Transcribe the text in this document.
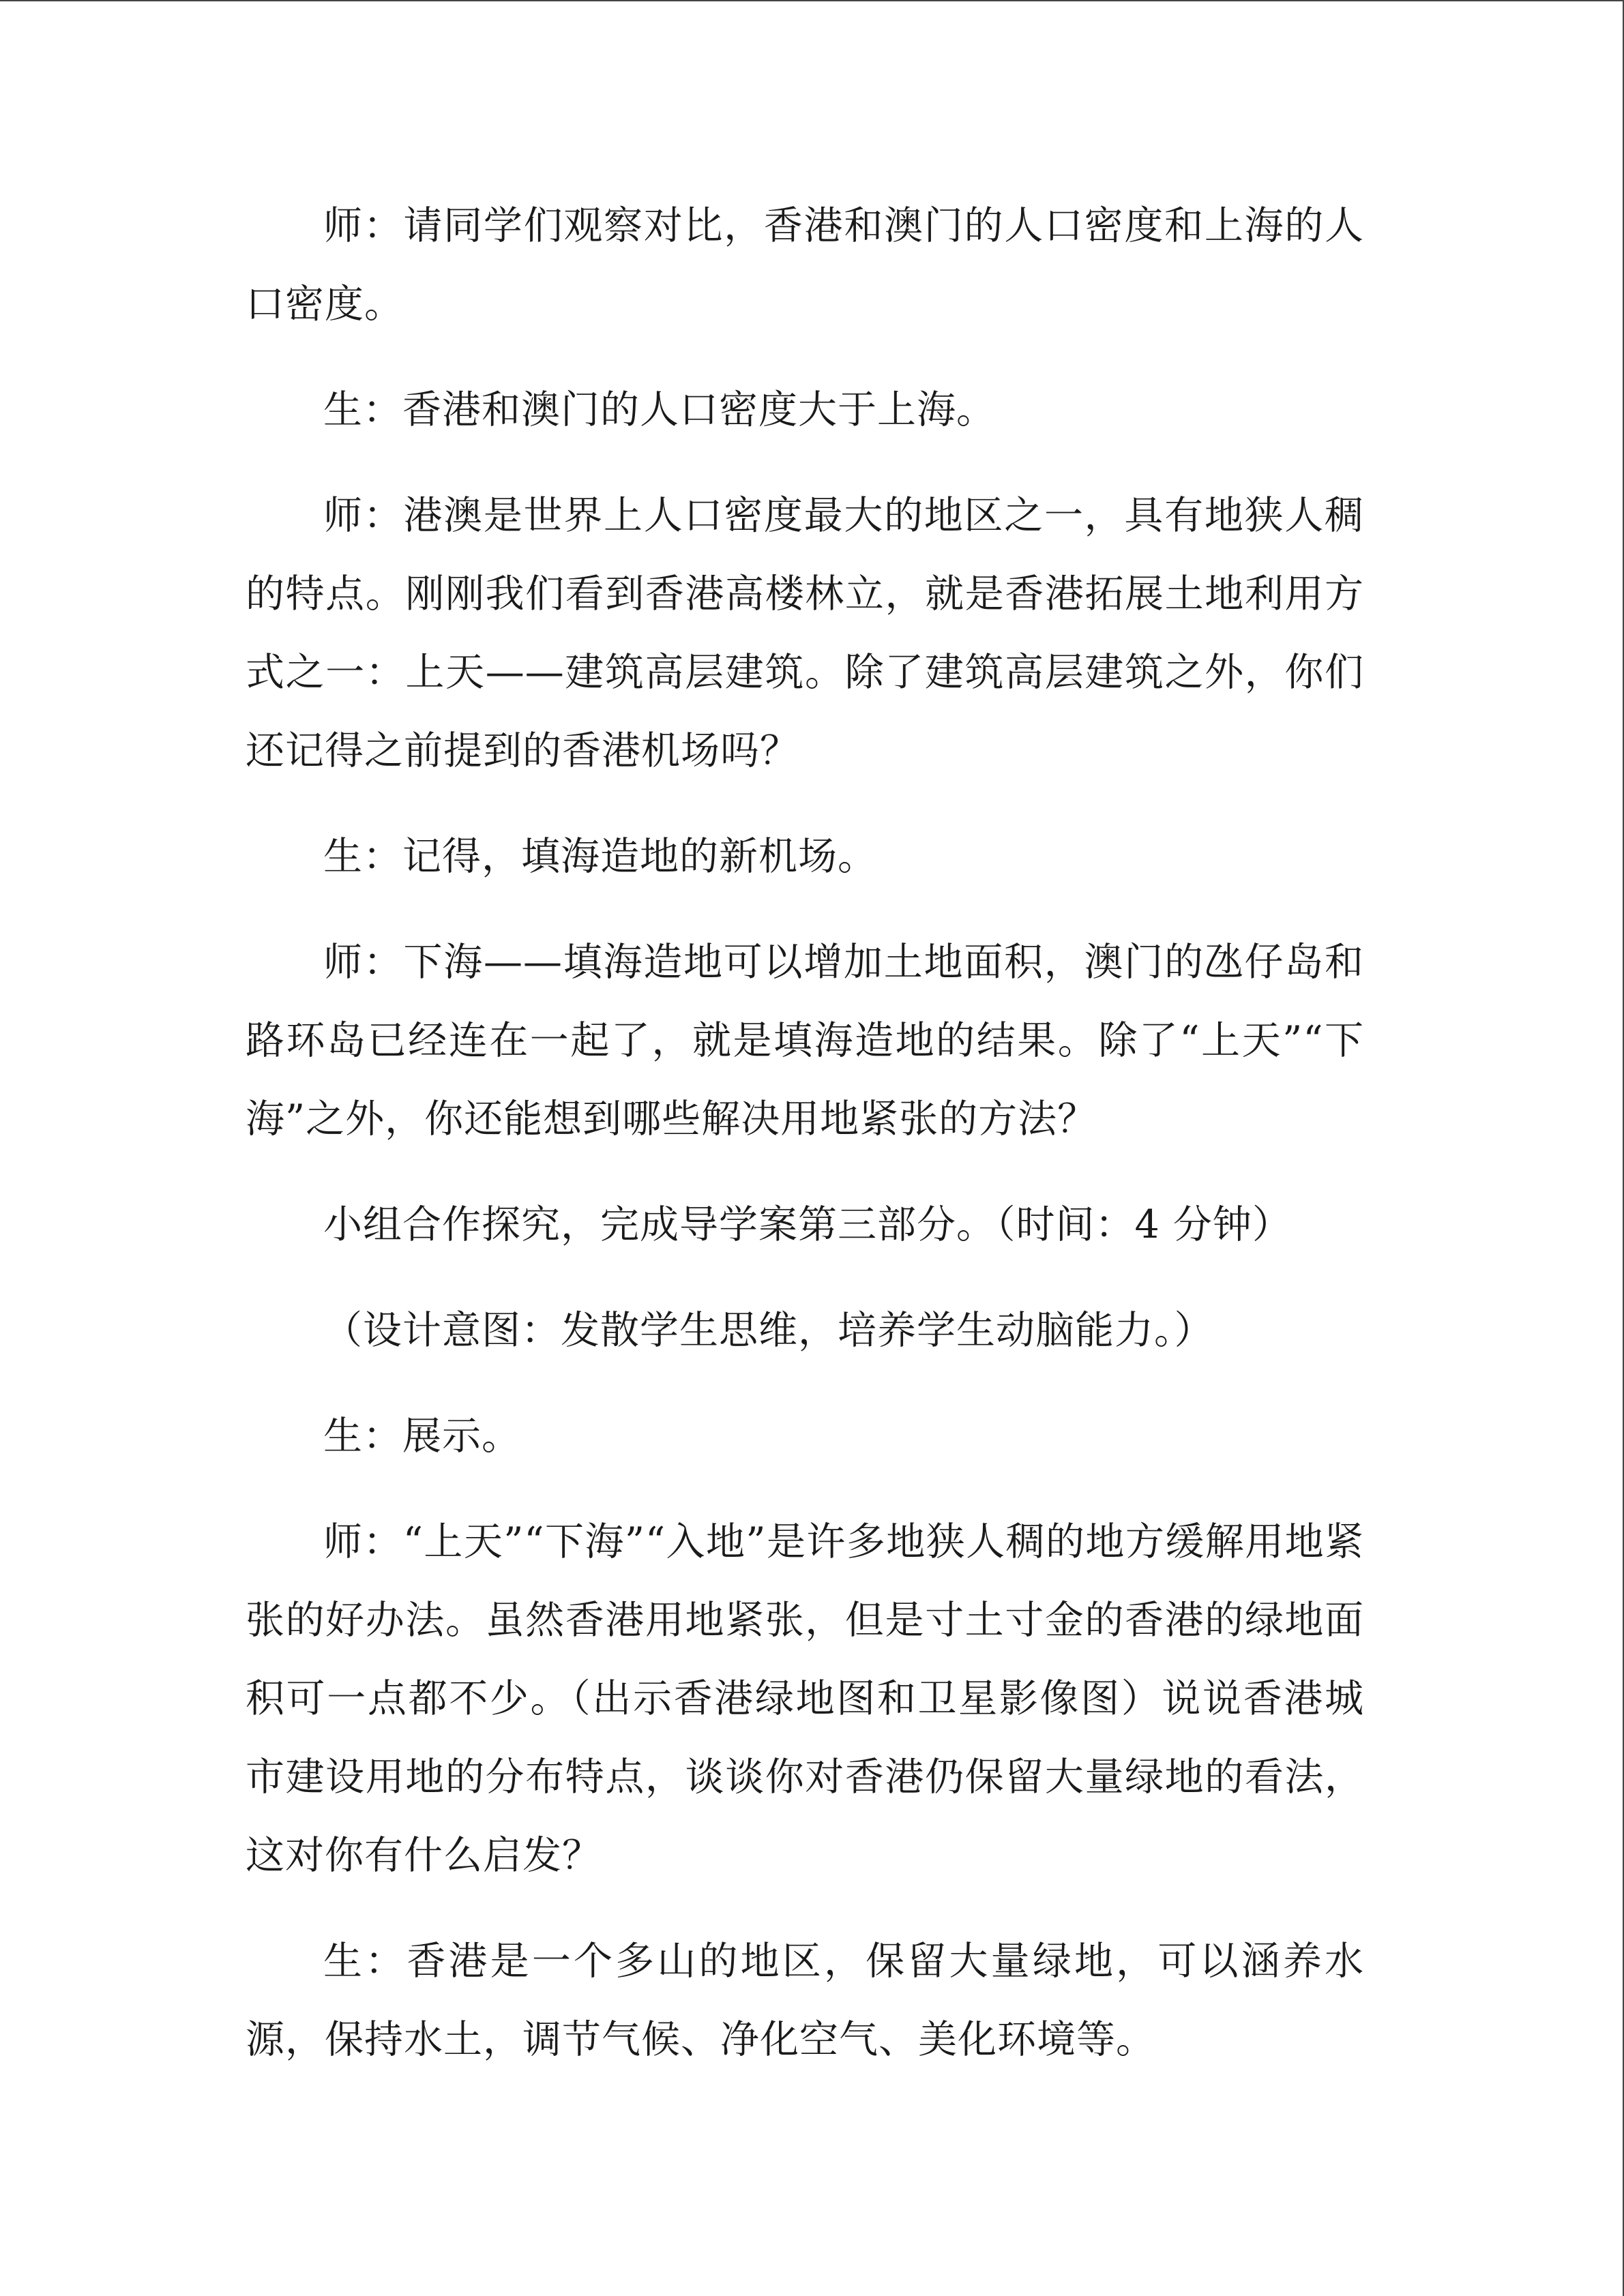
师：请同学们观察对比，香港和澳门的人口密度和上海的人口密度。

生：香港和澳门的人口密度大于上海。

师：港澳是世界上人口密度最大的地区之一，具有地狭人稠的特点。刚刚我们看到香港高楼林立，就是香港拓展土地利用方式之一：上天——建筑高层建筑。除了建筑高层建筑之外，你们还记得之前提到的香港机场吗？

生：记得，填海造地的新机场。

师：下海——填海造地可以增加土地面积，澳门的氹仔岛和路环岛已经连在一起了，就是填海造地的结果。除了“上天”“下海”之外，你还能想到哪些解决用地紧张的方法？

小组合作探究，完成导学案第三部分。（时间：4 分钟）

（设计意图：发散学生思维，培养学生动脑能力。）

生：展示。

师：“上天”“下海”“入地”是许多地狭人稠的地方缓解用地紧张的好办法。虽然香港用地紧张，但是寸土寸金的香港的绿地面积可一点都不少。（出示香港绿地图和卫星影像图）说说香港城市建设用地的分布特点，谈谈你对香港仍保留大量绿地的看法，这对你有什么启发？

生：香港是一个多山的地区，保留大量绿地，可以涵养水源，保持水土，调节气候、净化空气、美化环境等。
